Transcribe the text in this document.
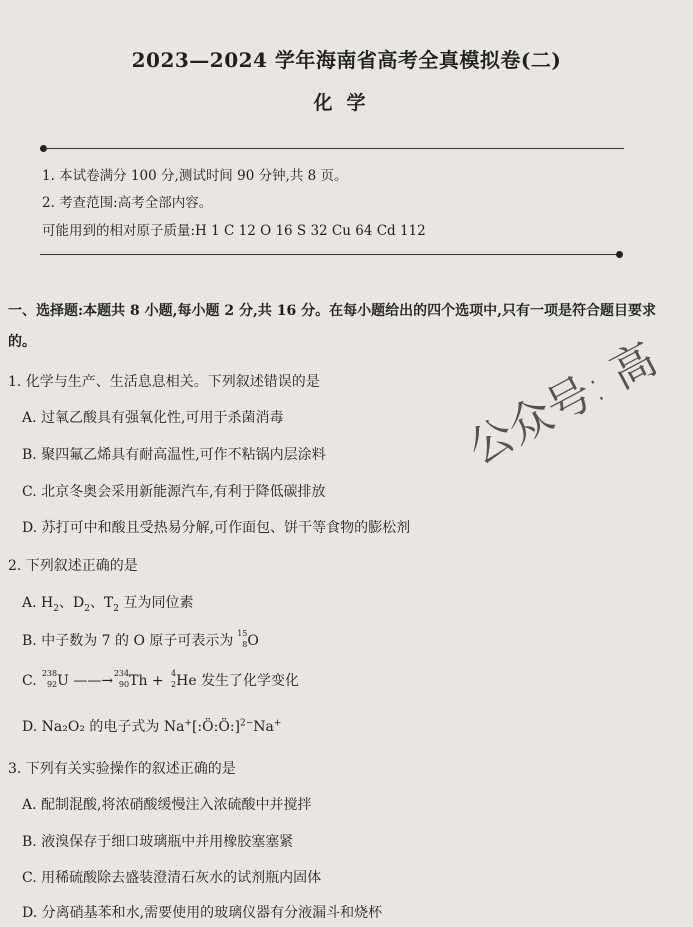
2023—2024 学年海南省高考全真模拟卷(二)
化学
1. 本试卷满分 100 分,测试时间 90 分钟,共 8 页。
2. 考查范围:高考全部内容。
可能用到的相对原子质量:H 1 C 12 O 16 S 32 Cu 64 Cd 112
一、选择题:本题共 8 小题,每小题 2 分,共 16 分。在每小题给出的四个选项中,只有一项是符合题目要求的。
1. 化学与生产、生活息息相关。下列叙述错误的是
A. 过氧乙酸具有强氧化性,可用于杀菌消毒
B. 聚四氟乙烯具有耐高温性,可作不粘锅内层涂料
C. 北京冬奥会采用新能源汽车,有利于降低碳排放
D. 苏打可中和酸且受热易分解,可作面包、饼干等食物的膨松剂
2. 下列叙述正确的是
A. $H_2$、$D_2$、$T_2$ 互为同位素
B. 中子数为 7 的 O 原子可表示为 15
8 O
C. 238
92 U ——→ 234
90 Th + 4
2 He 发生了化学变化
D. Na₂O₂ 的电子式为 Na+[:Ö:Ö:]$^{2-}$Na+
3. 下列有关实验操作的叙述正确的是
A. 配制混酸,将浓硝酸缓慢注入浓硫酸中并搅拌
B. 液溴保存于细口玻璃瓶中并用橡胶塞塞紧
C. 用稀硫酸除去盛装澄清石灰水的试剂瓶内固体
D. 分离硝基苯和水,需要使用的玻璃仪器有分液漏斗和烧杯
公众号: 高
